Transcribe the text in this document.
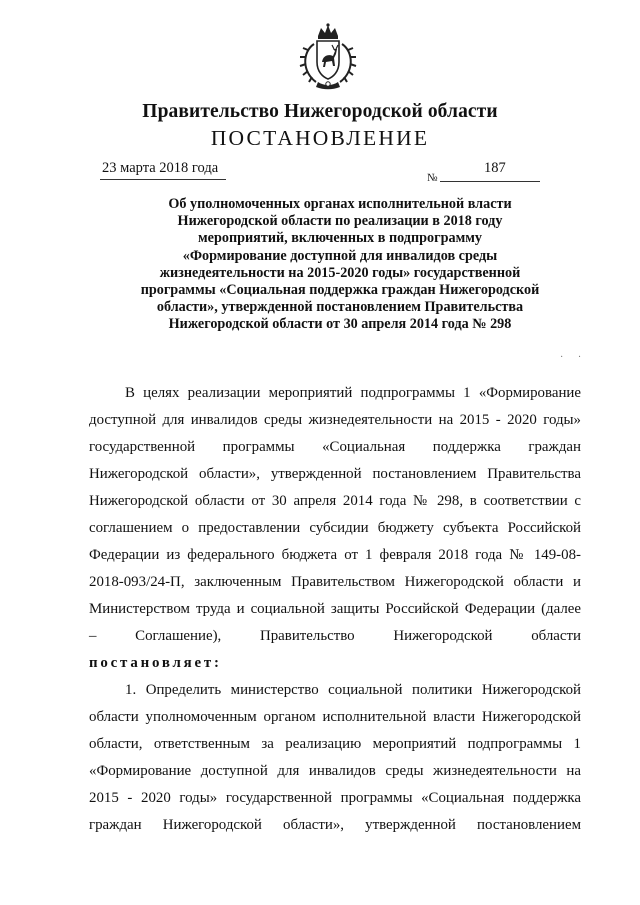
Правительство Нижегородской области
ПОСТАНОВЛЕНИЕ
23 марта 2018 года
№
187
Об уполномоченных органах исполнительной власти
Нижегородской области по реализации в 2018 году
мероприятий, включенных в подпрограмму
«Формирование доступной для инвалидов среды
жизнедеятельности на 2015-2020 годы» государственной
программы «Социальная поддержка граждан Нижегородской
области», утвержденной постановлением Правительства
Нижегородской области от 30 апреля 2014 года № 298
· ·
В целях реализации мероприятий подпрограммы 1 «Формирование
доступной для инвалидов среды жизнедеятельности на 2015 - 2020 годы»
государственной программы «Социальная поддержка граждан
Нижегородской области», утвержденной постановлением Правительства
Нижегородской области от 30 апреля 2014 года № 298, в соответствии с
соглашением о предоставлении субсидии бюджету субъекта Российской
Федерации из федерального бюджета от 1 февраля 2018 года № 149-08-
2018-093/24-П, заключенным Правительством Нижегородской области и
Министерством труда и социальной защиты Российской Федерации (далее
– Соглашение), Правительство Нижегородской области
постановляет:
1. Определить министерство социальной политики Нижегородской
области уполномоченным органом исполнительной власти Нижегородской
области, ответственным за реализацию мероприятий подпрограммы 1
«Формирование доступной для инвалидов среды жизнедеятельности на
2015 - 2020 годы» государственной программы «Социальная поддержка
граждан Нижегородской области», утвержденной постановлением
